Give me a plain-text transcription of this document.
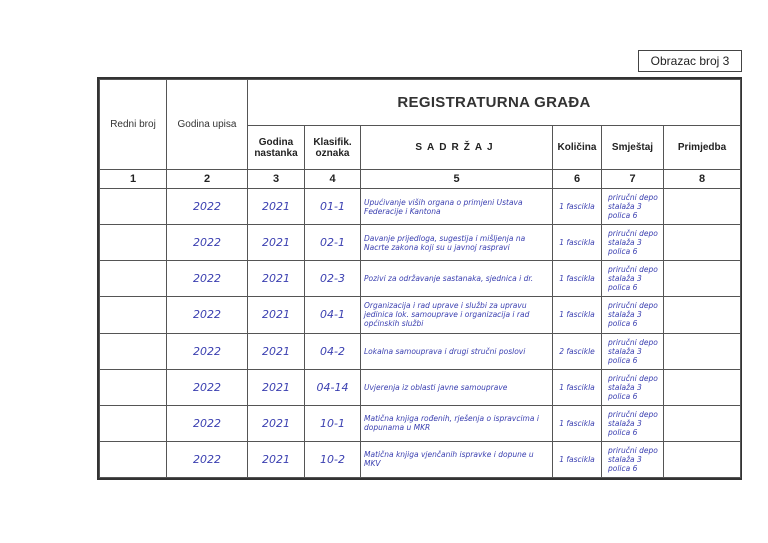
Obrazac broj 3
Redni broj	Godina upisa	REGISTRATURNA GRAĐA					
		Godina nastanka	Klasifik. oznaka	SADRŽAJ	Količina	Smještaj	Primjedba
1	2	3	4	5	6	7	8
	2022	2021	01-1	Upućivanje viših organa o primjeni Ustava Federacije i Kantona	1 fascikla	priručni depo stalaža 3 polica 6	
	2022	2021	02-1	Davanje prijedloga, sugestija i mišljenja na Nacrte zakona koji su u javnoj raspravi	1 fascikla	priručni depo stalaža 3 polica 6	
	2022	2021	02-3	Pozivi za održavanje sastanaka, sjednica i dr.	1 fascikla	priručni depo stalaža 3 polica 6	
	2022	2021	04-1	Organizacija i rad uprave i službi za upravu jedinica lok. samouprave i organizacija i rad općinskih službi	1 fascikla	priručni depo stalaža 3 polica 6	
	2022	2021	04-2	Lokalna samouprava i drugi stručni poslovi	2 fascikle	priručni depo stalaža 3 polica 6	
	2022	2021	04-14	Uvjerenja iz oblasti javne samouprave	1 fascikla	priručni depo stalaža 3 polica 6	
	2022	2021	10-1	Matična knjiga rođenih, rješenja o ispravcima i dopunama u MKR	1 fascikla	priručni depo stalaža 3 polica 6	
	2022	2021	10-2	Matična knjiga vjenčanih ispravke i dopune u MKV	1 fascikla	priručni depo stalaža 3 polica 6	
